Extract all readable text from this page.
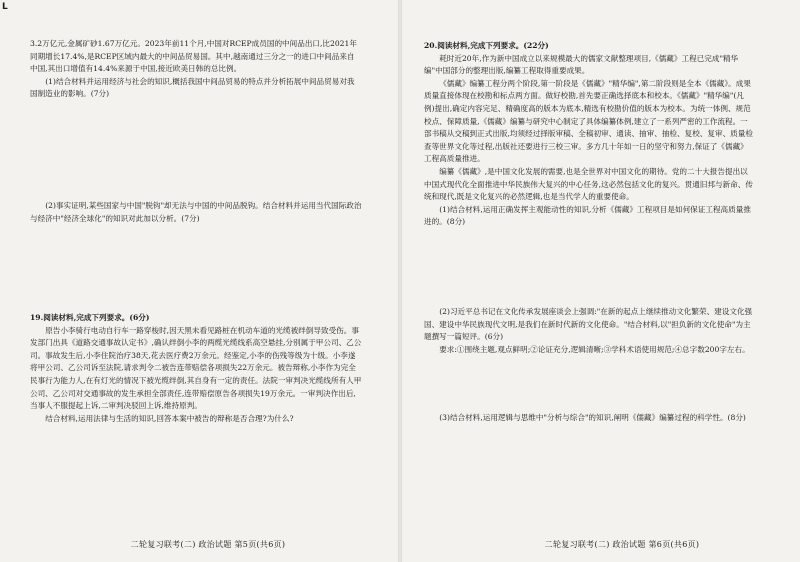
L

3.2万亿元,金属矿砂1.67万亿元。2023年前11个月,中国对RCEP成员国的中间品出口,比2021年同期增长17.4%,是RCEP区域内最大的中间品贸易国。其中,越南通过三分之一的进口中间品来自中国,其出口增值有14.4%来源于中国,接近欧美日韩的总比例。

(1)结合材料并运用经济与社会的知识,概括我国中间品贸易的特点并分析拓展中间品贸易对我国制造业的影响。(7分)

(2)事实证明,某些国家与中国"脱钩"却无法与中国的中间品脱钩。结合材料并运用当代国际政治与经济中"经济全球化"的知识对此加以分析。(7分)

19.阅读材料,完成下列要求。(6分)

原告小李骑行电动自行车一路穿梭时,因天黑未看见路桩在机动车道的光缆被绊倒导致受伤。事发部门出具《道路交通事故认定书》,确认绊倒小李的两缆光缆线系高空悬挂,分别属于甲公司、乙公司。事故发生后,小李住院治疗38天,花去医疗费2万余元。经鉴定,小李的伤残等级为十级。小李遂将甲公司、乙公司诉至法院,请求判令二被告连带赔偿各项损失22万余元。被告辩称,小李作为完全民事行为能力人,在有灯光的情况下被光缆绊倒,其自身有一定的责任。法院一审判决光缆线所有人甲公司、乙公司对交通事故的发生承担全部责任,连带赔偿原告各项损失19万余元。一审判决作出后,当事人不服提起上诉,二审判决驳回上诉,维持原判。

结合材料,运用法律与生活的知识,回答本案中被告的辩称是否合理?为什么?

二轮复习联考(二) 政治试题 第5页(共6页)

20.阅读材料,完成下列要求。(22分)

耗时近20年,作为新中国成立以来规模最大的儒家文献整理项目,《儒藏》工程已完成"精华编"中国部分的整理出版,编纂工程取得重要成果。

《儒藏》编纂工程分两个阶段,第一阶段是《儒藏》"精华编",第二阶段则是全本《儒藏》。成果质量直接体现在校勘和标点两方面。做好校勘,首先要正确选择底本和校本。《儒藏》"精华编"(凡例)提出,确定内容完足、精确度高的版本为底本,精选有校勘价值的版本为校本。为统一体例、规范校点、保障质量,《儒藏》编纂与研究中心制定了具体编纂体例,建立了一系列严密的工作流程。一部书稿从交稿到正式出版,均须经过择版审稿、全稿初审、通读、抽审、抽检、复校、复审、质量检查等世界文化等过程,出版社还要进行三校三审。多方几十年如一日的坚守和努力,保证了《儒藏》工程高质量推进。

编纂《儒藏》,是中国文化发展的需要,也是全世界对中国文化的期待。党的二十大报告提出以中国式现代化全面推进中华民族伟大复兴的中心任务,这必然包括文化的复兴。贯通旧邦与新命、传统和现代,既是文化复兴的必然逻辑,也是当代学人的重要使命。

(1)结合材料,运用正确发挥主观能动性的知识,分析《儒藏》工程项目是如何保证工程高质量推进的。(8分)

(2)习近平总书记在文化传承发展座谈会上强调:"在新的起点上继续推动文化繁荣、建设文化强国、建设中华民族现代文明,是我们在新时代新的文化使命。"结合材料,以"担负新的文化使命"为主题撰写一篇短评。(6分)

要求:①围绕主题,观点鲜明;②论证充分,逻辑清晰;③学科术语使用规范;④总字数200字左右。

(3)结合材料,运用逻辑与思维中"分析与综合"的知识,阐明《儒藏》编纂过程的科学性。(8分)

二轮复习联考(二) 政治试题 第6页(共6页)
